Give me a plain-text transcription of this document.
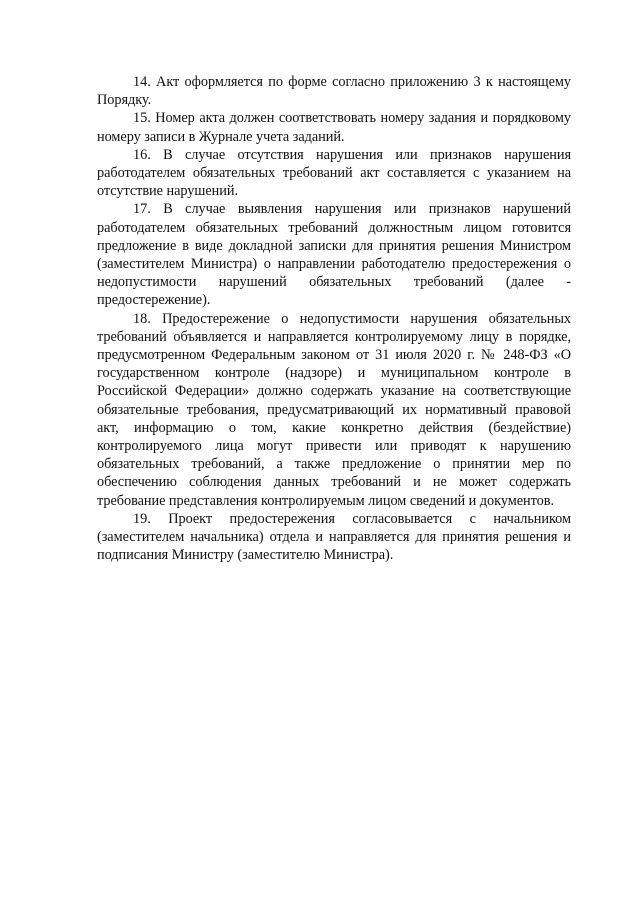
14. Акт оформляется по форме согласно приложению 3 к настоящему Порядку.

15. Номер акта должен соответствовать номеру задания и порядковому номеру записи в Журнале учета заданий.

16. В случае отсутствия нарушения или признаков нарушения работодателем обязательных требований акт составляется с указанием на отсутствие нарушений.

17. В случае выявления нарушения или признаков нарушений работодателем обязательных требований должностным лицом готовится предложение в виде докладной записки для принятия решения Министром (заместителем Министра) о направлении работодателю предостережения о недопустимости нарушений обязательных требований (далее - предостережение).

18. Предостережение о недопустимости нарушения обязательных требований объявляется и направляется контролируемому лицу в порядке, предусмотренном Федеральным законом от 31 июля 2020 г. № 248-ФЗ «О государственном контроле (надзоре) и муниципальном контроле в Российской Федерации» должно содержать указание на соответствующие обязательные требования, предусматривающий их нормативный правовой акт, информацию о том, какие конкретно действия (бездействие) контролируемого лица могут привести или приводят к нарушению обязательных требований, а также предложение о принятии мер по обеспечению соблюдения данных требований и не может содержать требование представления контролируемым лицом сведений и документов.

19. Проект предостережения согласовывается с начальником (заместителем начальника) отдела и направляется для принятия решения и подписания Министру (заместителю Министра).
